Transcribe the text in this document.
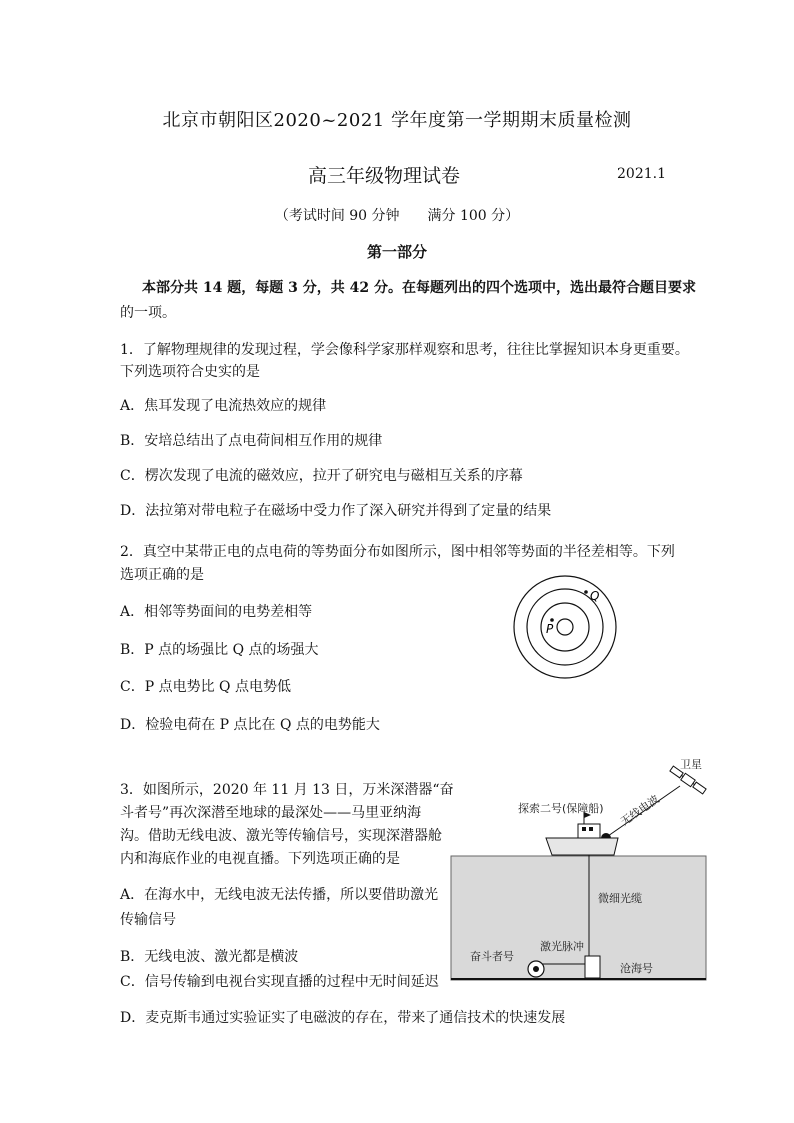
北京市朝阳区2020~2021 学年度第一学期期末质量检测
高三年级物理试卷	2021.1
（考试时间 90 分钟　　满分 100 分）
第一部分
本部分共 14 题，每题 3 分，共 42 分。在每题列出的四个选项中，选出最符合题目要求
的一项。
1．了解物理规律的发现过程，学会像科学家那样观察和思考，往往比掌握知识本身更重要。
下列选项符合史实的是
A．焦耳发现了电流热效应的规律
B．安培总结出了点电荷间相互作用的规律
C．楞次发现了电流的磁效应，拉开了研究电与磁相互关系的序幕
D．法拉第对带电粒子在磁场中受力作了深入研究并得到了定量的结果
2．真空中某带正电的点电荷的等势面分布如图所示，图中相邻等势面的半径差相等。下列
选项正确的是
A．相邻等势面间的电势差相等
B．P 点的场强比 Q 点的场强大
C．P 点电势比 Q 点电势低
D．检验电荷在 P 点比在 Q 点的电势能大
P
Q
3．如图所示，2020 年 11 月 13 日，万米深潜器“奋
斗者号”再次深潜至地球的最深处——马里亚纳海
沟。借助无线电波、激光等传输信号，实现深潜器舱
内和海底作业的电视直播。下列选项正确的是
A．在海水中，无线电波无法传播，所以要借助激光
传输信号
B．无线电波、激光都是横波
C．信号传输到电视台实现直播的过程中无时间延迟
D．麦克斯韦通过实验证实了电磁波的存在，带来了通信技术的快速发展
探索二号(保障船) 无线电波
卫星
微细光缆
激光脉冲
奋斗者号
沧海号
